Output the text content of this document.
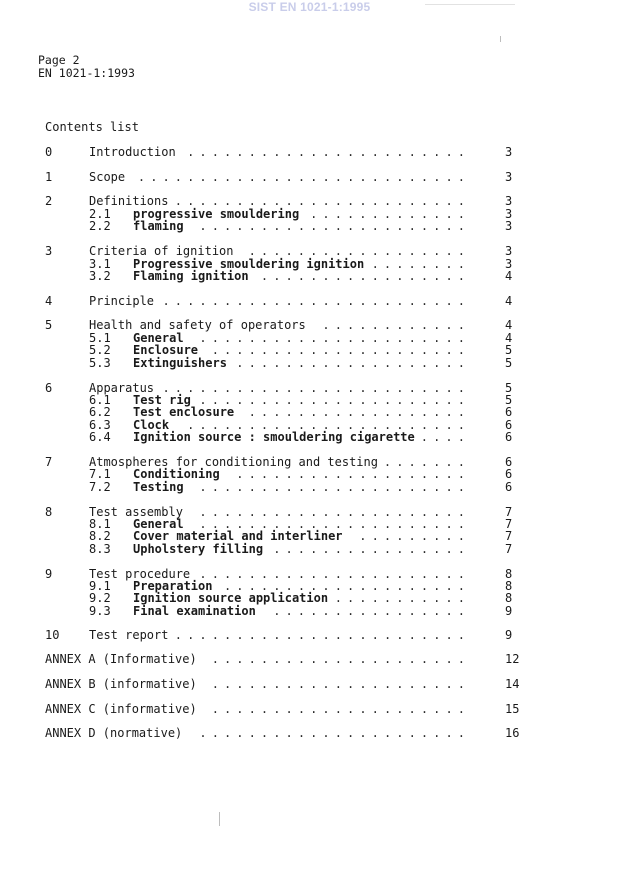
SIST EN 1021-1:1995
Page 2
EN 1021-1:1993
Contents list
0	Introduction .......................	3
1	Scope ...........................	3
2	Definitions ........................	3
2.1 progressive smouldering .............	3
2.2 flaming ......................	3
3	Criteria of ignition ..................	3
3.1 Progressive smouldering ignition ........	3
3.2 Flaming ignition .................	4
4	Principle .........................	4
5	Health and safety of operators ............	4
5.1 General ......................	4
5.2 Enclosure .....................	5
5.3 Extinguishers ...................	5
6	Apparatus .........................	5
6.1 Test rig ......................	5
6.2 Test enclosure ..................	6
6.3 Clock .......................	6
6.4 Ignition source : smouldering cigarette ....	6
7	Atmospheres for conditioning and testing .......	6
7.1 Conditioning ...................	6
7.2 Testing ......................	6
8	Test assembly ......................	7
8.1 General ......................	7
8.2 Cover material and interliner .........	7
8.3 Upholstery filling ................	7
9	Test procedure ......................	8
9.1 Preparation ....................	8
9.2 Ignition source application ...........	8
9.3 Final examination ................	9
10 Test report ........................	9
ANNEX A (Informative) .....................	12
ANNEX B (informative) .....................	14
ANNEX C (informative) .....................	15
ANNEX D (normative) ......................	16
